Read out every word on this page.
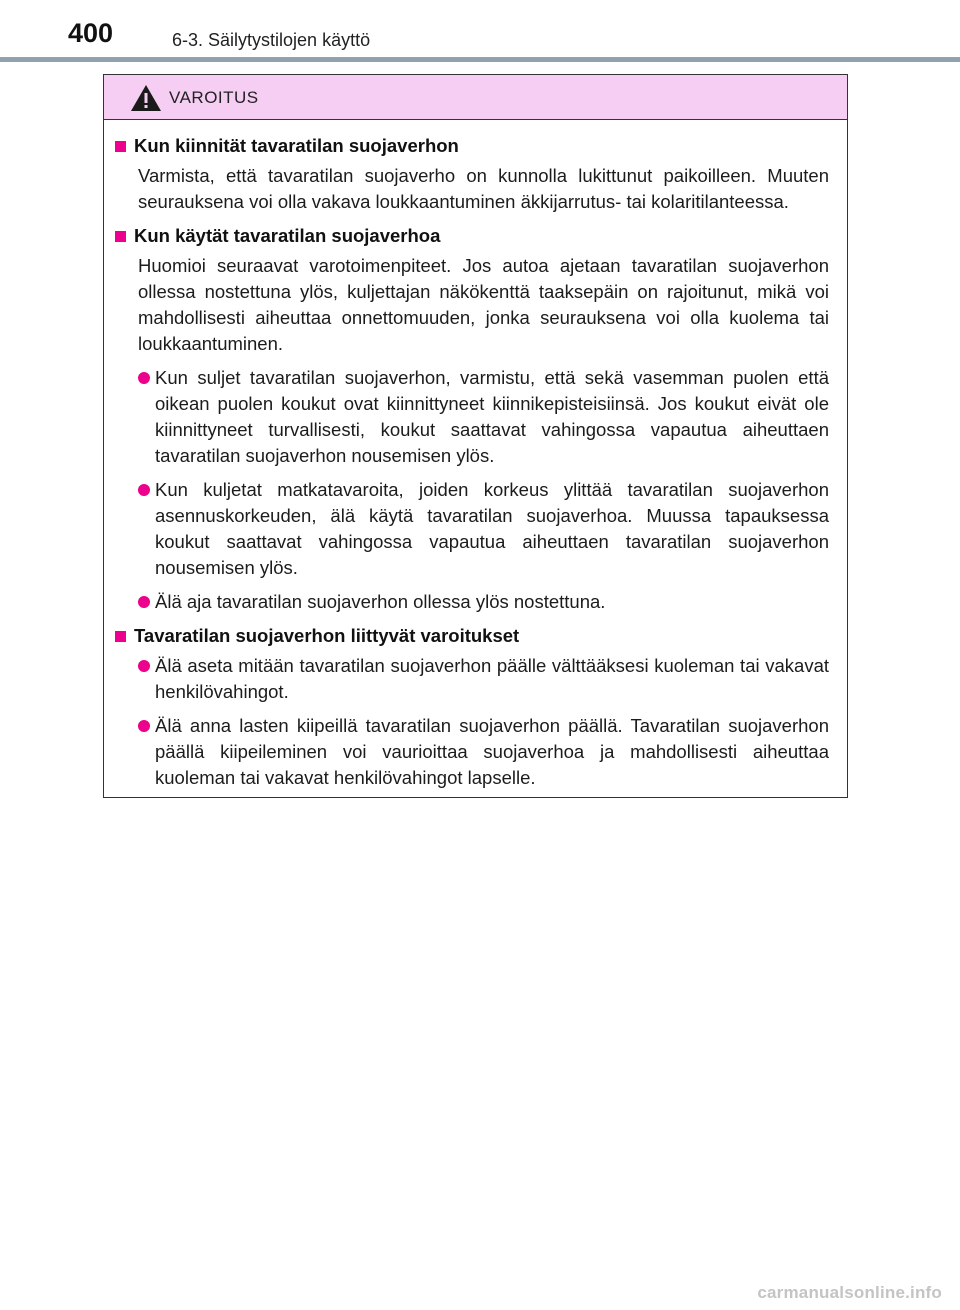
400	6-3. Säilytystilojen käyttö
VAROITUS
Kun kiinnität tavaratilan suojaverhon
Varmista, että tavaratilan suojaverho on kunnolla lukittunut paikoilleen. Muuten seurauksena voi olla vakava loukkaantuminen äkkijarrutus- tai kolaritilanteessa.
Kun käytät tavaratilan suojaverhoa
Huomioi seuraavat varotoimenpiteet. Jos autoa ajetaan tavaratilan suojaverhon ollessa nostettuna ylös, kuljettajan näkökenttä taaksepäin on rajoitunut, mikä voi mahdollisesti aiheuttaa onnettomuuden, jonka seurauksena voi olla kuolema tai loukkaantuminen.
Kun suljet tavaratilan suojaverhon, varmistu, että sekä vasemman puolen että oikean puolen koukut ovat kiinnittyneet kiinnikepisteisiinsä. Jos koukut eivät ole kiinnittyneet turvallisesti, koukut saattavat vahingossa vapautua aiheuttaen tavaratilan suojaverhon nousemisen ylös.
Kun kuljetat matkatavaroita, joiden korkeus ylittää tavaratilan suojaverhon asennuskorkeuden, älä käytä tavaratilan suojaverhoa. Muussa tapauksessa koukut saattavat vahingossa vapautua aiheuttaen tavaratilan suojaverhon nousemisen ylös.
Älä aja tavaratilan suojaverhon ollessa ylös nostettuna.
Tavaratilan suojaverhon liittyvät varoitukset
Älä aseta mitään tavaratilan suojaverhon päälle välttääksesi kuoleman tai vakavat henkilövahingot.
Älä anna lasten kiipeillä tavaratilan suojaverhon päällä. Tavaratilan suojaverhon päällä kiipeileminen voi vaurioittaa suojaverhoa ja mahdollisesti aiheuttaa kuoleman tai vakavat henkilövahingot lapselle.
carmanualsonline.info
